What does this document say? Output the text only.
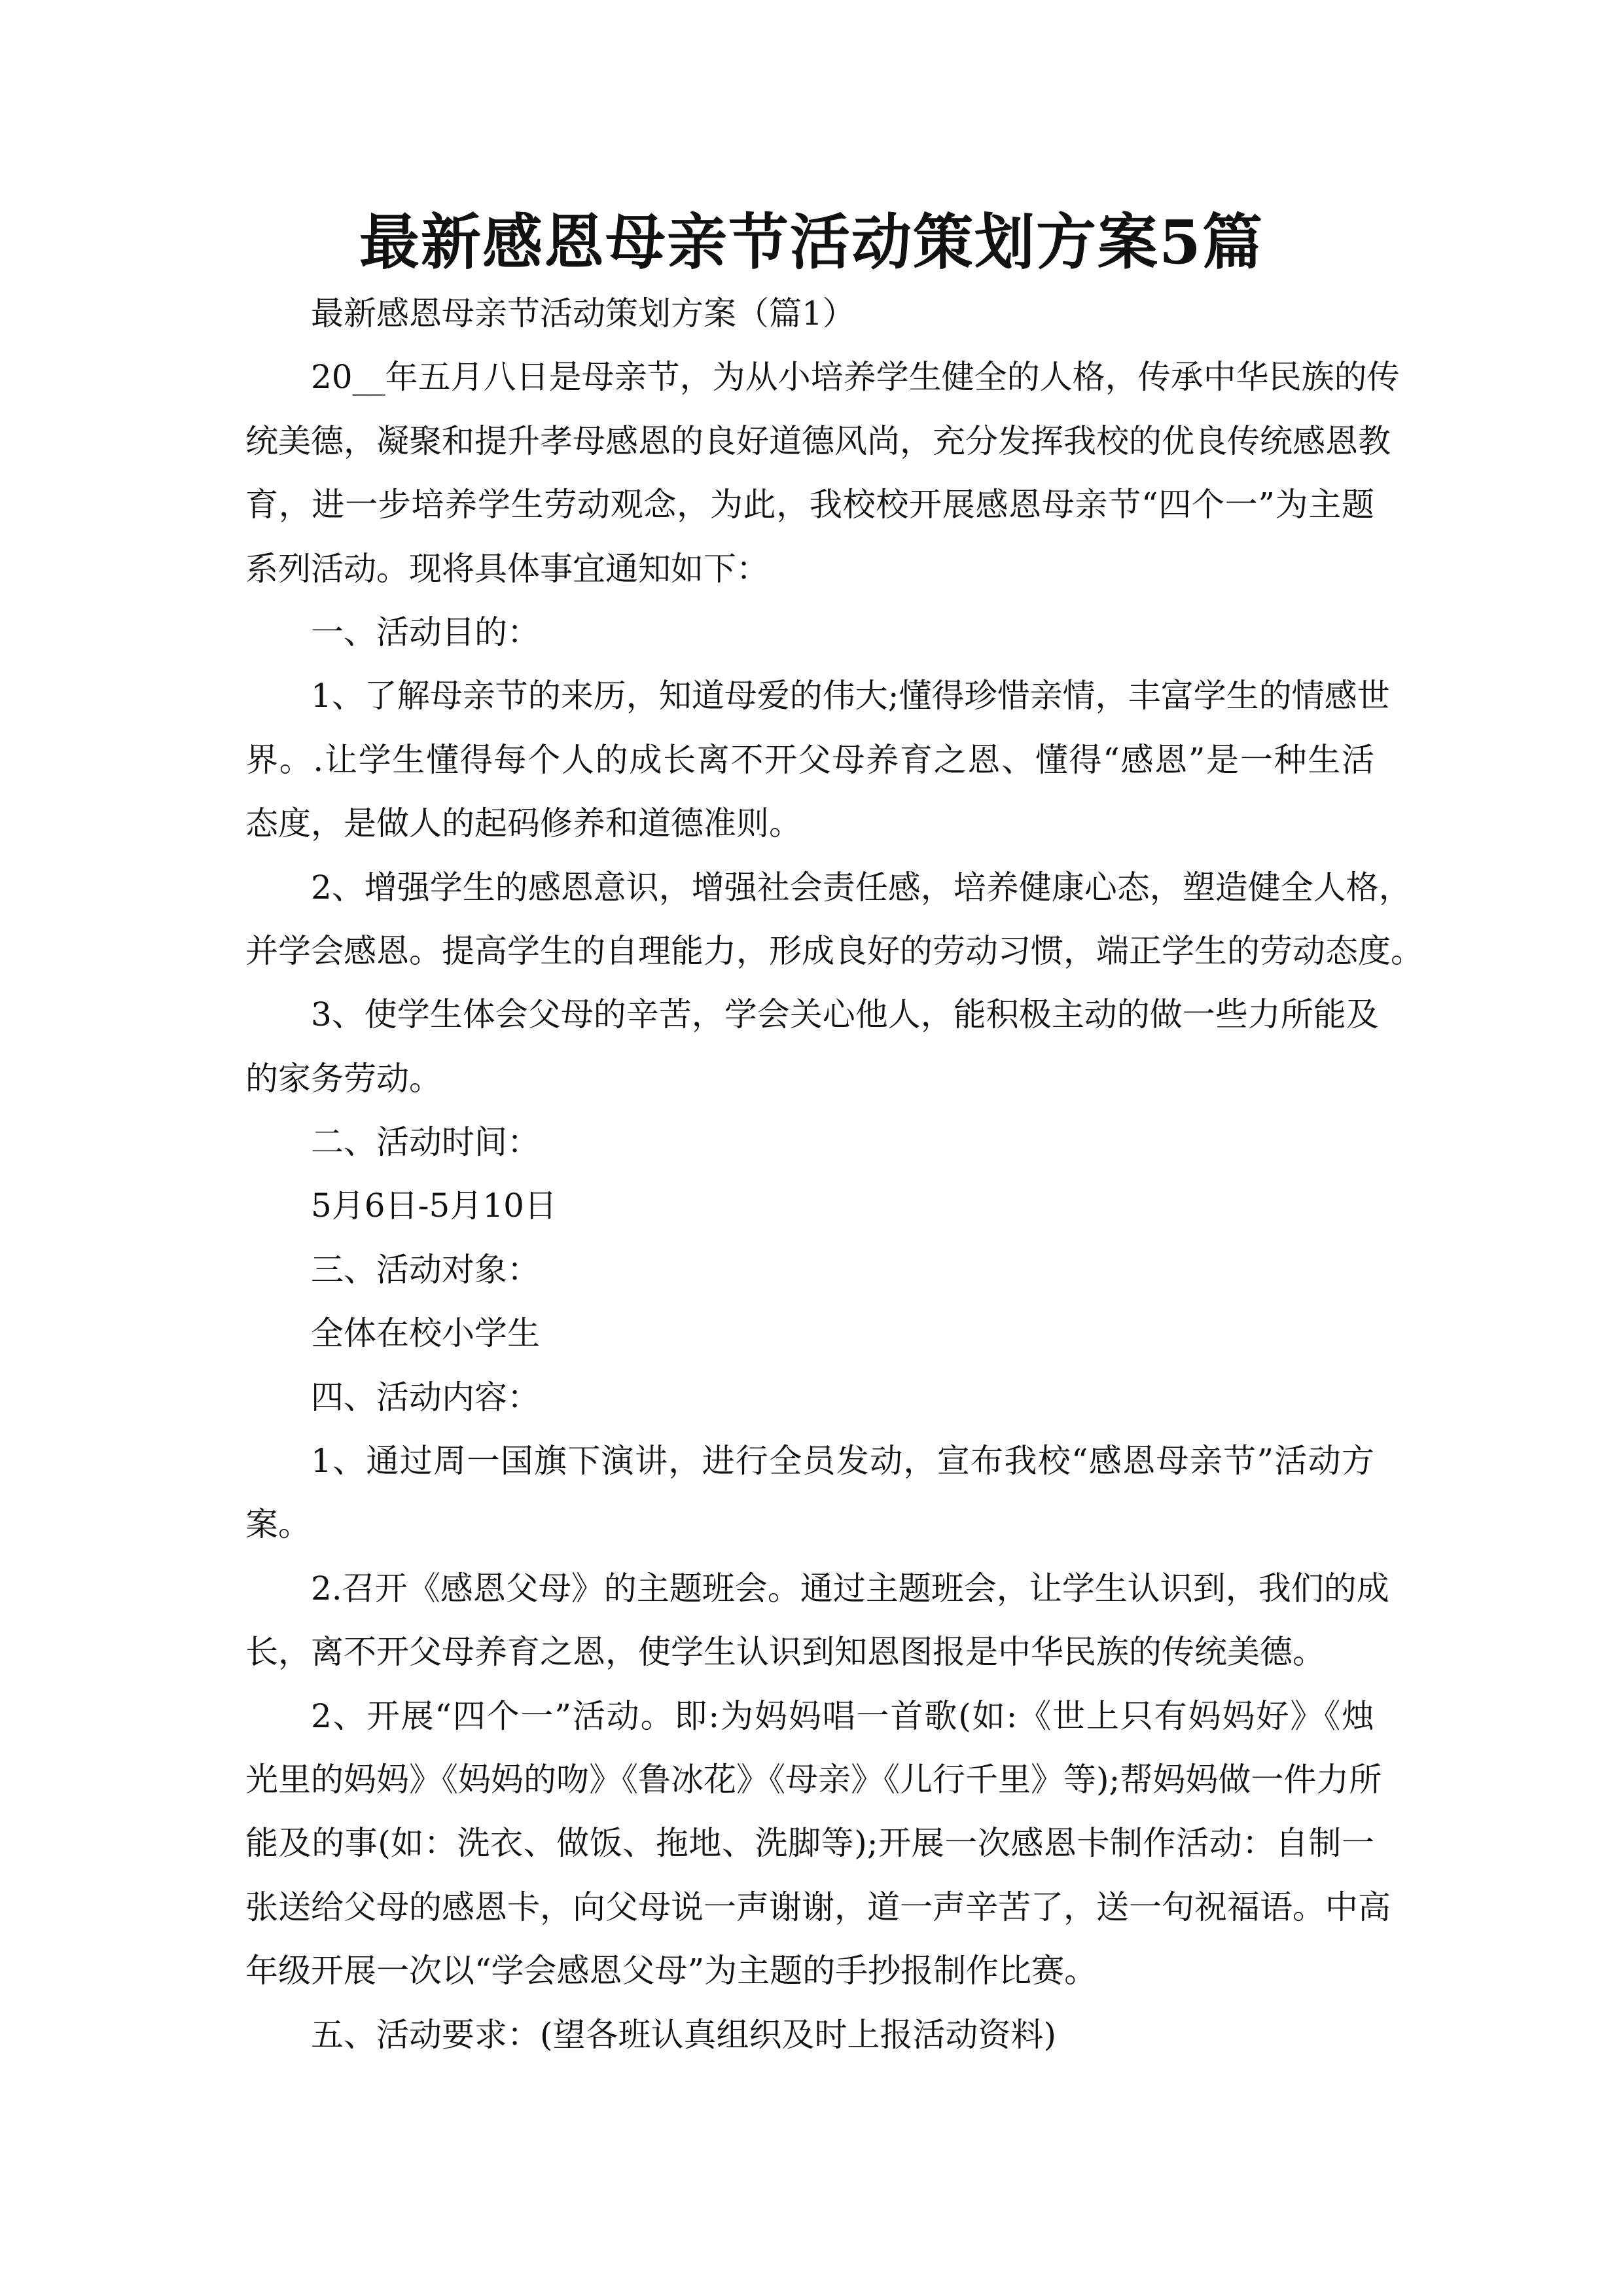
最新感恩母亲节活动策划方案5篇
最新感恩母亲节活动策划方案（篇1）
20__年五月八日是母亲节，为从小培养学生健全的人格，传承中华民族的传
统美德，凝聚和提升孝母感恩的良好道德风尚，充分发挥我校的优良传统感恩教
育，进一步培养学生劳动观念，为此，我校校开展感恩母亲节“四个一”为主题
系列活动。现将具体事宜通知如下：
一、活动目的：
1、了解母亲节的来历，知道母爱的伟大;懂得珍惜亲情，丰富学生的情感世
界。.让学生懂得每个人的成长离不开父母养育之恩、懂得“感恩”是一种生活
态度，是做人的起码修养和道德准则。
2、增强学生的感恩意识，增强社会责任感，培养健康心态，塑造健全人格，
并学会感恩。提高学生的自理能力，形成良好的劳动习惯，端正学生的劳动态度。
3、使学生体会父母的辛苦，学会关心他人，能积极主动的做一些力所能及
的家务劳动。
二、活动时间：
5月6日-5月10日
三、活动对象：
全体在校小学生
四、活动内容：
1、通过周一国旗下演讲，进行全员发动，宣布我校“感恩母亲节”活动方
案。
2.召开《感恩父母》的主题班会。通过主题班会，让学生认识到，我们的成
长，离不开父母养育之恩，使学生认识到知恩图报是中华民族的传统美德。
2、开展“四个一”活动。即:为妈妈唱一首歌(如:《世上只有妈妈好》《烛
光里的妈妈》《妈妈的吻》《鲁冰花》《母亲》《儿行千里》等);帮妈妈做一件力所
能及的事(如：洗衣、做饭、拖地、洗脚等);开展一次感恩卡制作活动：自制一
张送给父母的感恩卡，向父母说一声谢谢，道一声辛苦了，送一句祝福语。中高
年级开展一次以“学会感恩父母”为主题的手抄报制作比赛。
五、活动要求：(望各班认真组织及时上报活动资料)
